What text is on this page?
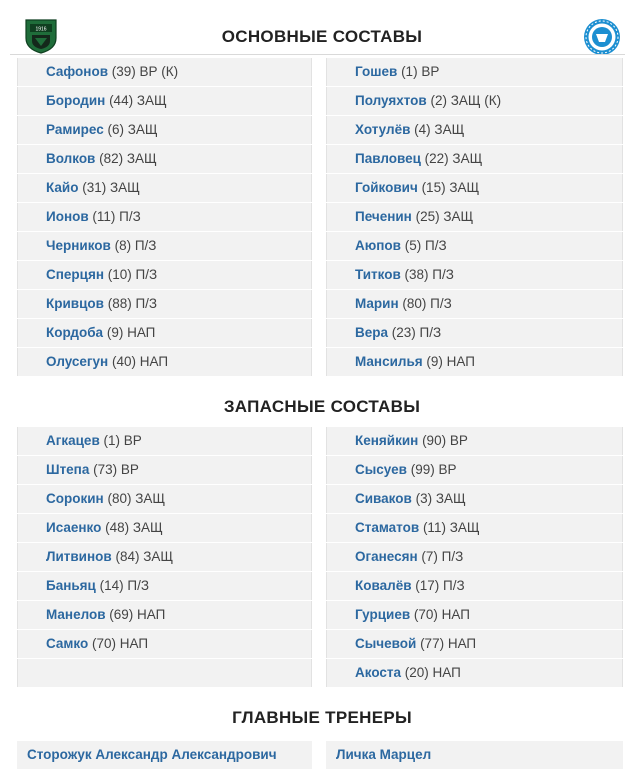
1916	ОСНОВНЫЕ СОСТАВЫ
Сафонов (39) ВР (К)
Бородин (44) ЗАЩ
Рамирес (6) ЗАЩ
Волков (82) ЗАЩ
Кайо (31) ЗАЩ
Ионов (11) П/З
Черников (8) П/З
Сперцян (10) П/З
Кривцов (88) П/З
Кордоба (9) НАП
Олусегун (40) НАП
Гошев (1) ВР
Полуяхтов (2) ЗАЩ (К)
Хотулёв (4) ЗАЩ
Павловец (22) ЗАЩ
Гойкович (15) ЗАЩ
Печенин (25) ЗАЩ
Аюпов (5) П/З
Титков (38) П/З
Марин (80) П/З
Вера (23) П/З
Мансилья (9) НАП
ЗАПАСНЫЕ СОСТАВЫ
Агкацев (1) ВР
Штепа (73) ВР
Сорокин (80) ЗАЩ
Исаенко (48) ЗАЩ
Литвинов (84) ЗАЩ
Баньяц (14) П/З
Манелов (69) НАП
Самко (70) НАП
Кеняйкин (90) ВР
Сысуев (99) ВР
Сиваков (3) ЗАЩ
Стаматов (11) ЗАЩ
Оганесян (7) П/З
Ковалёв (17) П/З
Гурциев (70) НАП
Сычевой (77) НАП
Акоста (20) НАП
ГЛАВНЫЕ ТРЕНЕРЫ
Сторожук Александр Александрович	Личка Марцел
